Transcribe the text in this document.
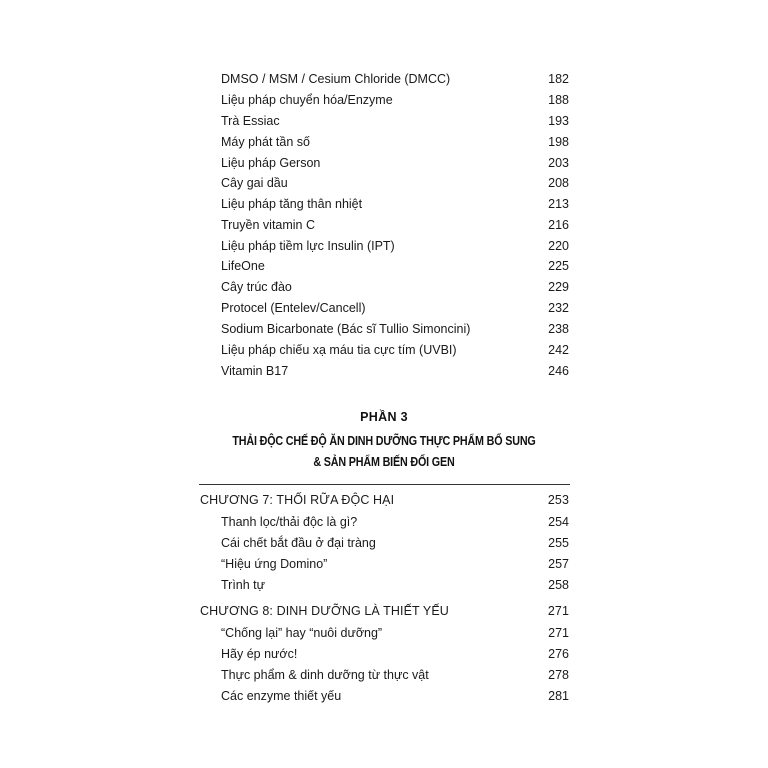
DMSO / MSM / Cesium Chloride (DMCC)	182
Liệu pháp chuyển hóa/Enzyme	188
Trà Essiac	193
Máy phát tần số	198
Liệu pháp Gerson	203
Cây gai dầu	208
Liệu pháp tăng thân nhiệt	213
Truyền vitamin C	216
Liệu pháp tiềm lực Insulin (IPT)	220
LifeOne	225
Cây trúc đào	229
Protocel (Entelev/Cancell)	232
Sodium Bicarbonate (Bác sĩ Tullio Simoncini)	238
Liệu pháp chiếu xạ máu tia cực tím (UVBI)	242
Vitamin B17	246
PHẦN 3
THẢI ĐỘC CHẾ ĐỘ ĂN DINH DƯỠNG THỰC PHẨM BỔ SUNG
& SẢN PHẨM BIẾN ĐỔI GEN
CHƯƠNG 7: THỐI RỮA ĐỘC HẠI	253
Thanh lọc/thải độc là gì?	254
Cái chết bắt đầu ở đại tràng	255
“Hiệu ứng Domino”	257
Trình tự	258
CHƯƠNG 8: DINH DƯỠNG LÀ THIẾT YẾU	271
“Chống lại” hay “nuôi dưỡng”	271
Hãy ép nước!	276
Thực phẩm & dinh dưỡng từ thực vật	278
Các enzyme thiết yếu	281
